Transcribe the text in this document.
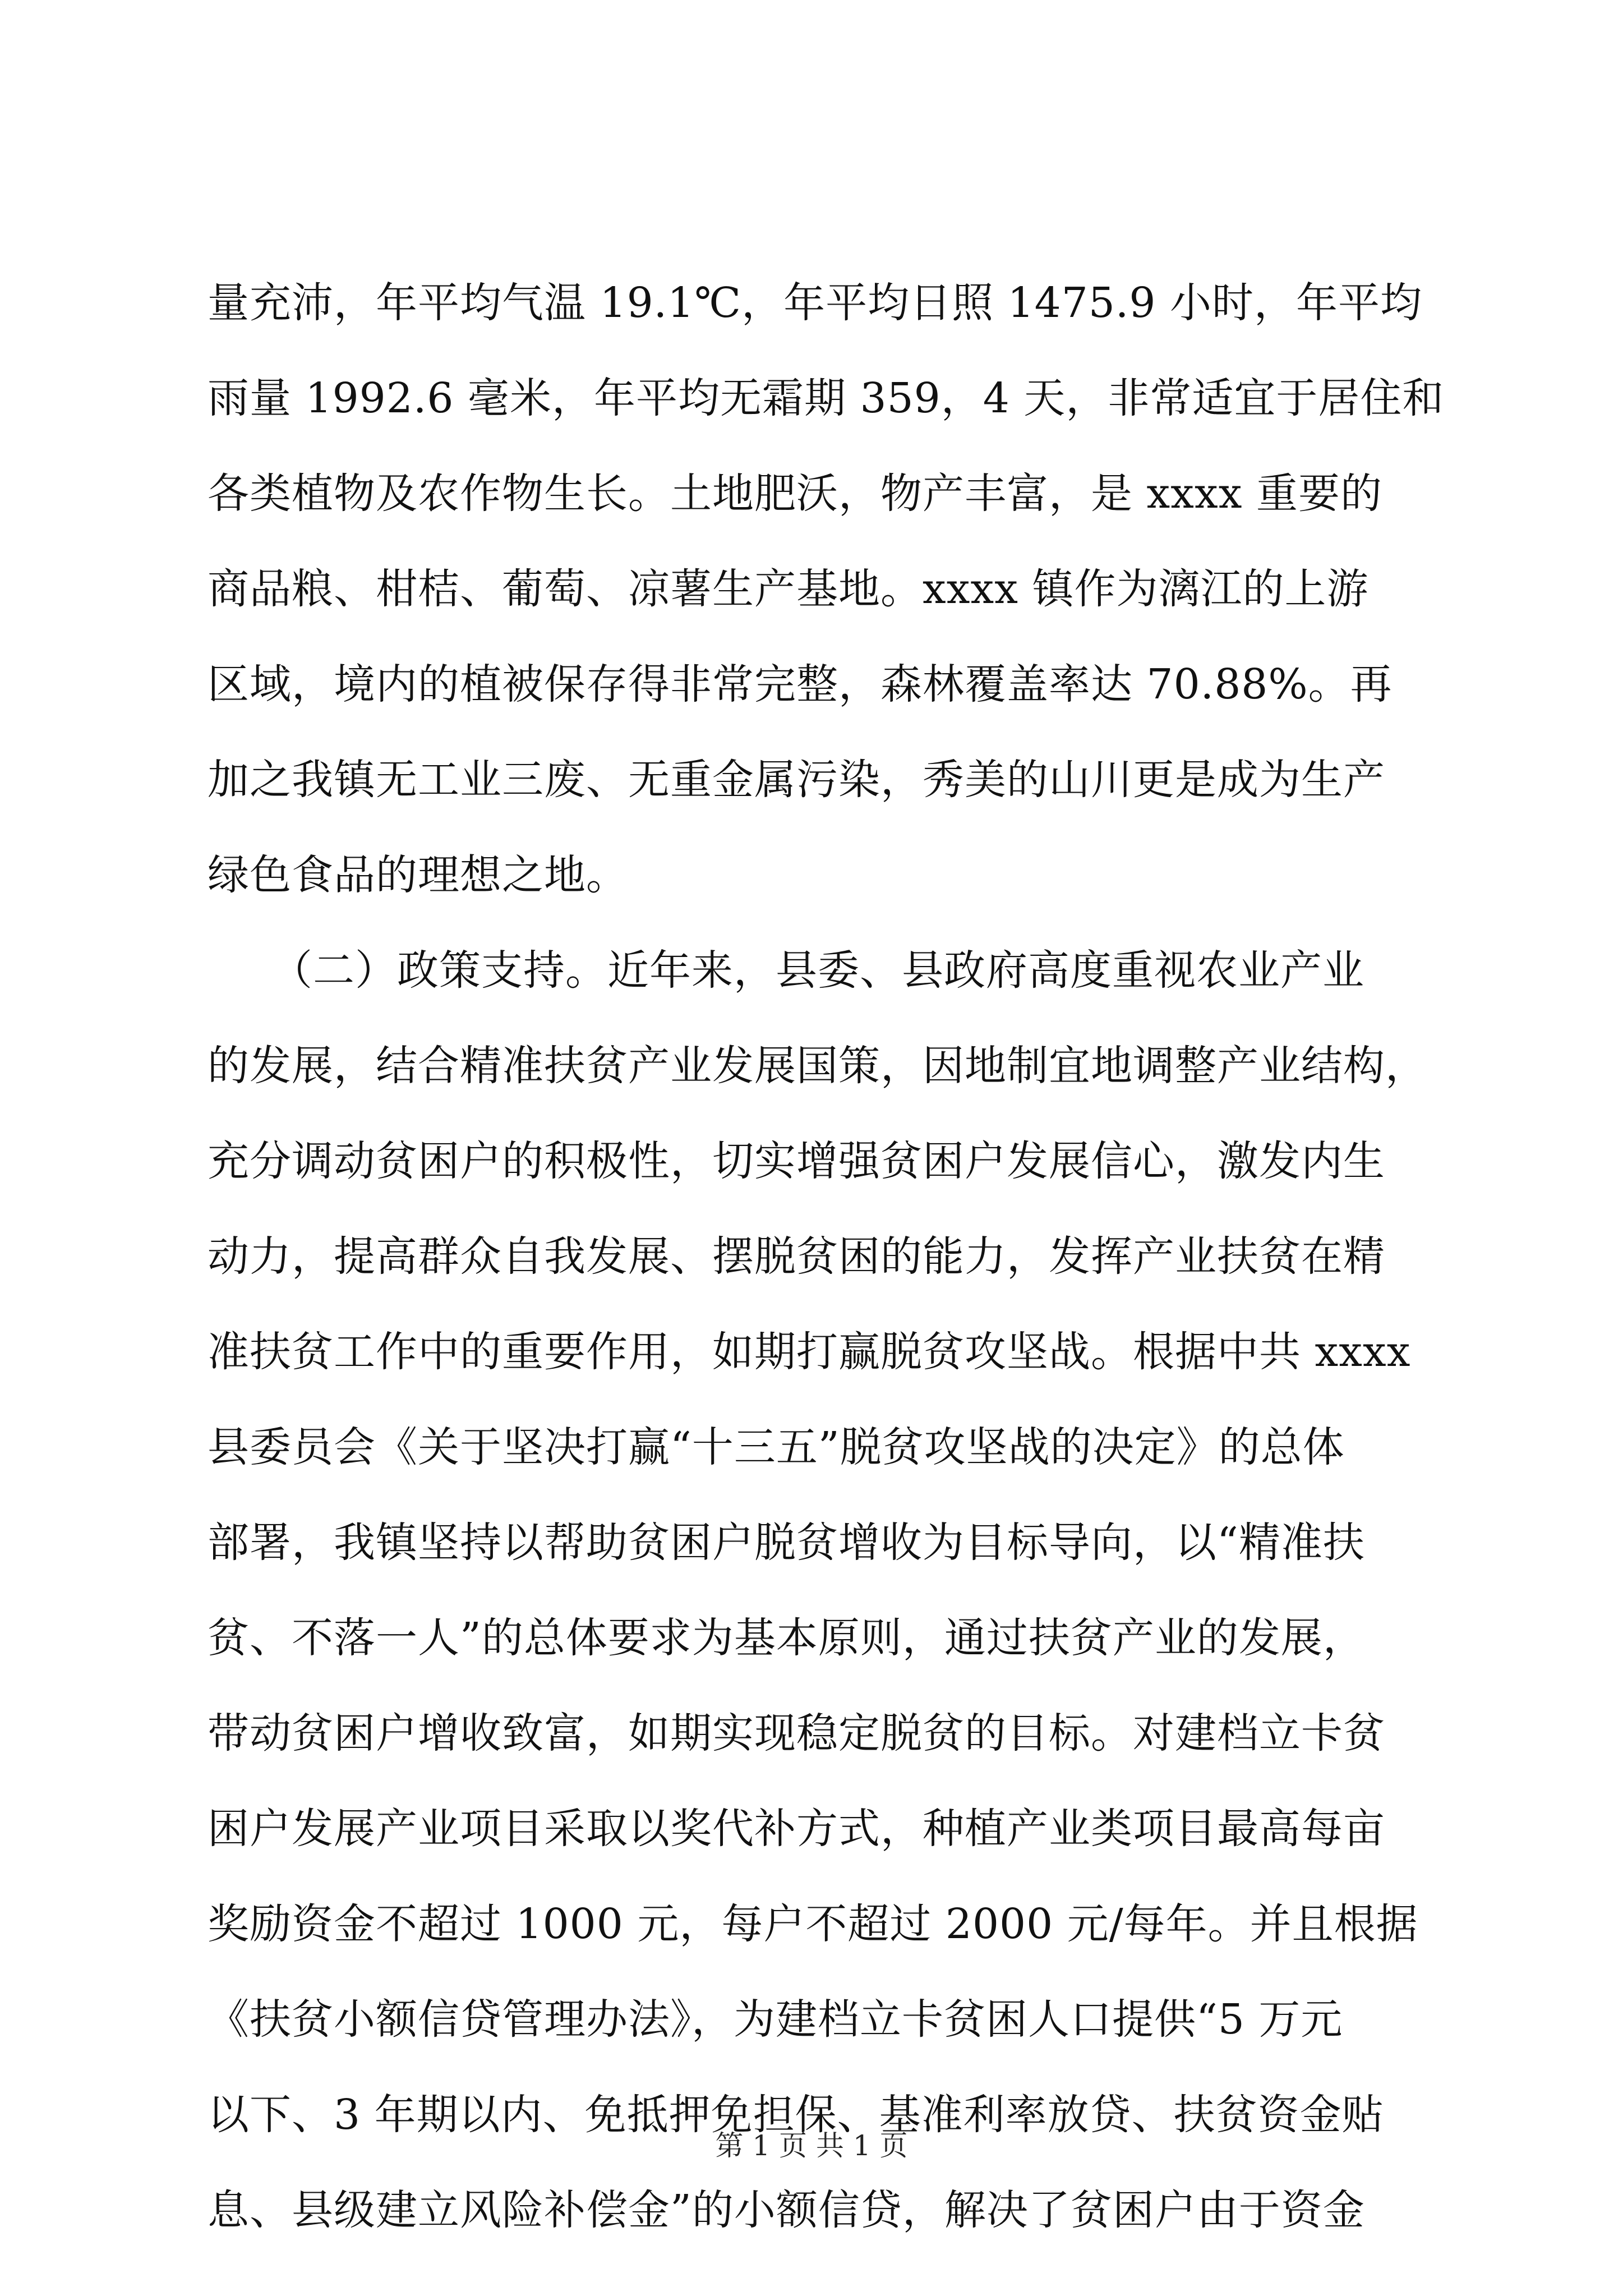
量充沛，年平均气温 19.1℃，年平均日照 1475.9 小时，年平均
雨量 1992.6 毫米，年平均无霜期 359，4 天，非常适宜于居住和
各类植物及农作物生长。土地肥沃，物产丰富，是 xxxx 重要的
商品粮、柑桔、葡萄、凉薯生产基地。xxxx 镇作为漓江的上游
区域，境内的植被保存得非常完整，森林覆盖率达 70.88%。再
加之我镇无工业三废、无重金属污染，秀美的山川更是成为生产
绿色食品的理想之地。
　　（二）政策支持。近年来，县委、县政府高度重视农业产业
的发展，结合精准扶贫产业发展国策，因地制宜地调整产业结构，
充分调动贫困户的积极性，切实增强贫困户发展信心，激发内生
动力，提高群众自我发展、摆脱贫困的能力，发挥产业扶贫在精
准扶贫工作中的重要作用，如期打赢脱贫攻坚战。根据中共 xxxx
县委员会《关于坚决打赢“十三五”脱贫攻坚战的决定》的总体
部署，我镇坚持以帮助贫困户脱贫增收为目标导向，以“精准扶
贫、不落一人”的总体要求为基本原则，通过扶贫产业的发展，
带动贫困户增收致富，如期实现稳定脱贫的目标。对建档立卡贫
困户发展产业项目采取以奖代补方式，种植产业类项目最高每亩
奖励资金不超过 1000 元，每户不超过 2000 元/每年。并且根据
《扶贫小额信贷管理办法》，为建档立卡贫困人口提供“5 万元
以下、3 年期以内、免抵押免担保、基准利率放贷、扶贫资金贴
息、县级建立风险补偿金”的小额信贷，解决了贫困户由于资金
第 1 页 共 1 页
